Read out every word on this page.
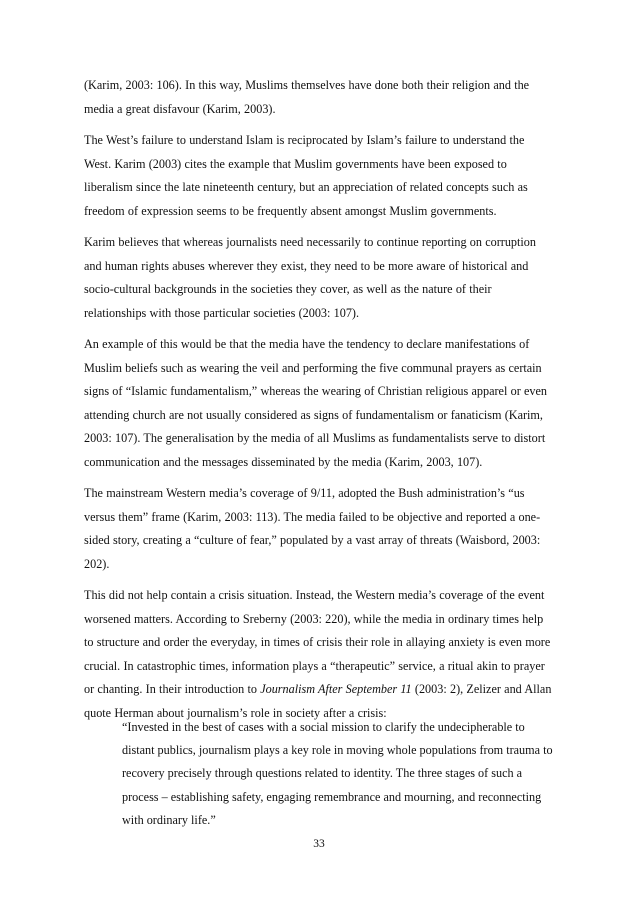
(Karim, 2003: 106). In this way, Muslims themselves have done both their religion and the
media a great disfavour (Karim, 2003).

The West’s failure to understand Islam is reciprocated by Islam’s failure to understand the
West. Karim (2003) cites the example that Muslim governments have been exposed to
liberalism since the late nineteenth century, but an appreciation of related concepts such as
freedom of expression seems to be frequently absent amongst Muslim governments.

Karim believes that whereas journalists need necessarily to continue reporting on corruption
and human rights abuses wherever they exist, they need to be more aware of historical and
socio-cultural backgrounds in the societies they cover, as well as the nature of their
relationships with those particular societies (2003: 107).

An example of this would be that the media have the tendency to declare manifestations of
Muslim beliefs such as wearing the veil and performing the five communal prayers as certain
signs of “Islamic fundamentalism,” whereas the wearing of Christian religious apparel or even
attending church are not usually considered as signs of fundamentalism or fanaticism (Karim,
2003: 107). The generalisation by the media of all Muslims as fundamentalists serve to distort
communication and the messages disseminated by the media (Karim, 2003, 107).

The mainstream Western media’s coverage of 9/11, adopted the Bush administration’s “us
versus them” frame (Karim, 2003: 113). The media failed to be objective and reported a one-
sided story, creating a “culture of fear,” populated by a vast array of threats (Waisbord, 2003:
202).

This did not help contain a crisis situation. Instead, the Western media’s coverage of the event
worsened matters. According to Sreberny (2003: 220), while the media in ordinary times help
to structure and order the everyday, in times of crisis their role in allaying anxiety is even more
crucial. In catastrophic times, information plays a “therapeutic” service, a ritual akin to prayer
or chanting. In their introduction to Journalism After September 11 (2003: 2), Zelizer and Allan
quote Herman about journalism’s role in society after a crisis:

“Invested in the best of cases with a social mission to clarify the undecipherable to
distant publics, journalism plays a key role in moving whole populations from trauma to
recovery precisely through questions related to identity. The three stages of such a
process – establishing safety, engaging remembrance and mourning, and reconnecting
with ordinary life.”
33
